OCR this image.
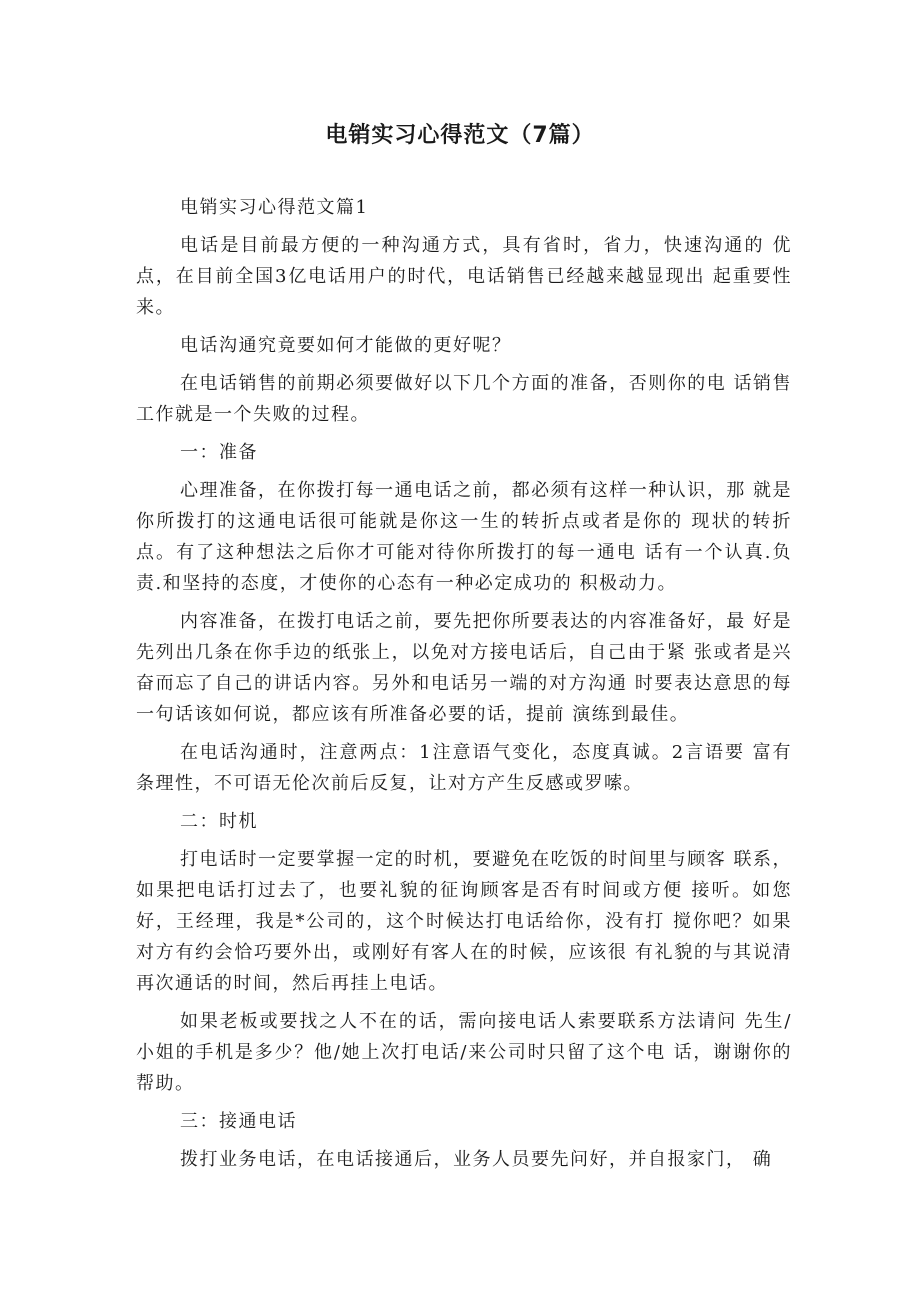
电销实习心得范文（7篇）

电销实习心得范文篇1

电话是目前最方便的一种沟通方式，具有省时，省力，快速沟通的 优点，在目前全国3亿电话用户的时代，电话销售已经越来越显现出 起重要性来。

电话沟通究竟要如何才能做的更好呢？

在电话销售的前期必须要做好以下几个方面的准备，否则你的电 话销售工作就是一个失败的过程。

一：准备

心理准备，在你拨打每一通电话之前，都必须有这样一种认识，那 就是你所拨打的这通电话很可能就是你这一生的转折点或者是你的 现状的转折点。有了这种想法之后你才可能对待你所拨打的每一通电 话有一个认真.负责.和坚持的态度，才使你的心态有一种必定成功的 积极动力。

内容准备，在拨打电话之前，要先把你所要表达的内容准备好，最 好是先列出几条在你手边的纸张上，以免对方接电话后，自己由于紧 张或者是兴奋而忘了自己的讲话内容。另外和电话另一端的对方沟通 时要表达意思的每一句话该如何说，都应该有所准备必要的话，提前 演练到最佳。

在电话沟通时，注意两点：1注意语气变化，态度真诚。2言语要 富有条理性，不可语无伦次前后反复，让对方产生反感或罗嗦。

二：时机

打电话时一定要掌握一定的时机，要避免在吃饭的时间里与顾客 联系，如果把电话打过去了，也要礼貌的征询顾客是否有时间或方便 接听。如您好，王经理，我是*公司的，这个时候达打电话给你，没有打 搅你吧？如果对方有约会恰巧要外出，或刚好有客人在的时候，应该很 有礼貌的与其说清再次通话的时间，然后再挂上电话。

如果老板或要找之人不在的话，需向接电话人索要联系方法请问 先生/小姐的手机是多少？他/她上次打电话/来公司时只留了这个电 话，谢谢你的帮助。

三：接通电话

拨打业务电话，在电话接通后，业务人员要先问好，并自报家门， 确
